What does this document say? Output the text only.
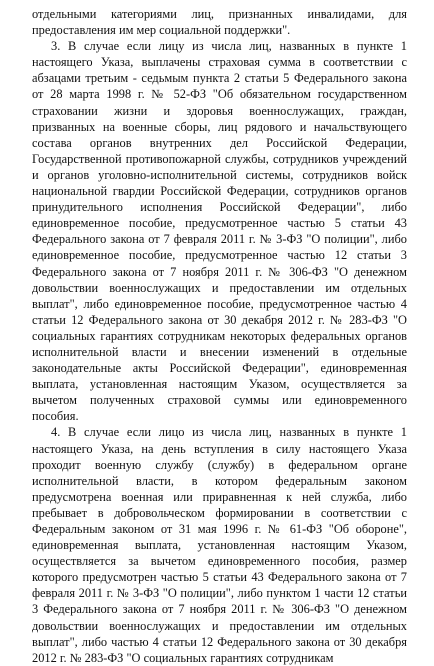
отдельными категориями лиц, признанных инвалидами, для предоставления им мер социальной поддержки".

3. В случае если лицу из числа лиц, названных в пункте 1 настоящего Указа, выплачены страховая сумма в соответствии с абзацами третьим - седьмым пункта 2 статьи 5 Федерального закона от 28 марта 1998 г. № 52-ФЗ "Об обязательном государственном страховании жизни и здоровья военнослужащих, граждан, призванных на военные сборы, лиц рядового и начальствующего состава органов внутренних дел Российской Федерации, Государственной противопожарной службы, сотрудников учреждений и органов уголовно-исполнительной системы, сотрудников войск национальной гвардии Российской Федерации, сотрудников органов принудительного исполнения Российской Федерации", либо единовременное пособие, предусмотренное частью 5 статьи 43 Федерального закона от 7 февраля 2011 г. № 3-ФЗ "О полиции", либо единовременное пособие, предусмотренное частью 12 статьи 3 Федерального закона от 7 ноября 2011 г. № 306-ФЗ "О денежном довольствии военнослужащих и предоставлении им отдельных выплат", либо единовременное пособие, предусмотренное частью 4 статьи 12 Федерального закона от 30 декабря 2012 г. № 283-ФЗ "О социальных гарантиях сотрудникам некоторых федеральных органов исполнительной власти и внесении изменений в отдельные законодательные акты Российской Федерации", единовременная выплата, установленная настоящим Указом, осуществляется за вычетом полученных страховой суммы или единовременного пособия.

4. В случае если лицо из числа лиц, названных в пункте 1 настоящего Указа, на день вступления в силу настоящего Указа проходит военную службу (службу) в федеральном органе исполнительной власти, в котором федеральным законом предусмотрена военная или приравненная к ней служба, либо пребывает в добровольческом формировании в соответствии с Федеральным законом от 31 мая 1996 г. № 61-ФЗ "Об обороне", единовременная выплата, установленная настоящим Указом, осуществляется за вычетом единовременного пособия, размер которого предусмотрен частью 5 статьи 43 Федерального закона от 7 февраля 2011 г. № 3-ФЗ "О полиции", либо пунктом 1 части 12 статьи 3 Федерального закона от 7 ноября 2011 г. № 306-ФЗ "О денежном довольствии военнослужащих и предоставлении им отдельных выплат", либо частью 4 статьи 12 Федерального закона от 30 декабря 2012 г. № 283-ФЗ "О социальных гарантиях сотрудникам
